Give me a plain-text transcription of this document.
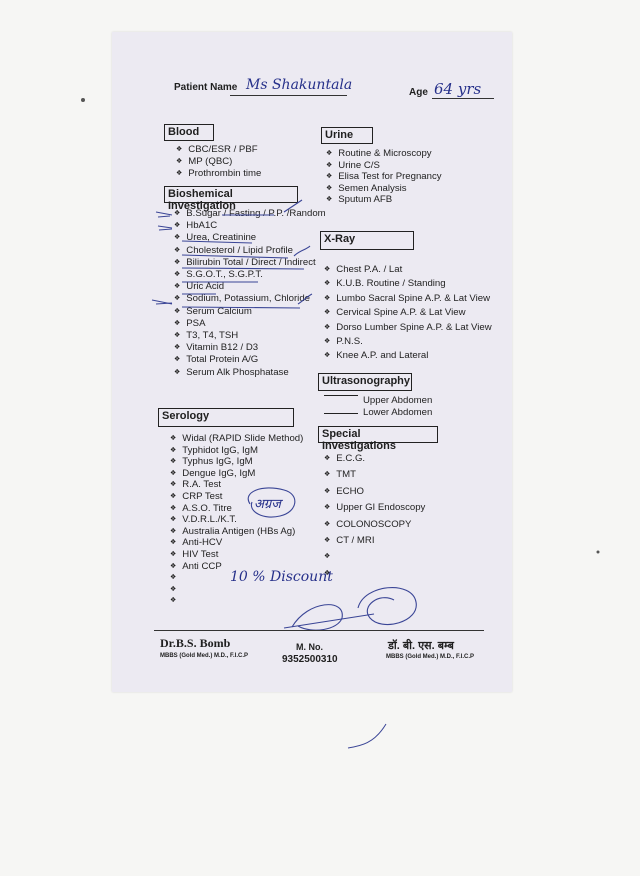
Patient Name Ms Shakuntala	Age 64 yrs
Blood
❖ CBC/ESR / PBF
❖ MP (QBC)
❖ Prothrombin time
Bioshemical Investigation
❖ B.Sugar / Fasting / P.P. /Random
❖ HbA1C
❖ Urea, Creatinine
❖ Cholesterol / Lipid Profile
❖ Bilirubin Total / Direct / Indirect
❖ S.G.O.T., S.G.P.T.
❖ Uric Acid
❖ Sodium, Potassium, Chloride
❖ Serum Calcium
❖ PSA
❖ T3, T4, TSH
❖ Vitamin B12 / D3
❖ Total Protein A/G
❖ Serum Alk Phosphatase
Serology
❖ Widal (RAPID Slide Method)
❖ Typhidot IgG, IgM
❖ Typhus IgG, IgM
❖ Dengue IgG, IgM
❖ R.A. Test
❖ CRP Test
❖ A.S.O. Titre
❖ V.D.R.L./K.T.
❖ Australia Antigen (HBs Ag)
❖ Anti-HCV
❖ HIV Test
❖ Anti CCP
❖
❖
❖
Urine
❖ Routine & Microscopy
❖ Urine C/S
❖ Elisa Test for Pregnancy
❖ Semen Analysis
❖ Sputum AFB
X-Ray
❖ Chest P.A. / Lat
❖ K.U.B. Routine / Standing
❖ Lumbo Sacral Spine A.P. & Lat View
❖ Cervical Spine A.P. & Lat View
❖ Dorso Lumber Spine A.P. & Lat View
❖ P.N.S.
❖ Knee A.P. and Lateral
Ultrasonography
Upper Abdomen
Lower Abdomen
Special Investigations
❖ E.C.G.
❖ TMT
❖ ECHO
❖ Upper GI Endoscopy
❖ COLONOSCOPY
❖ CT / MRI
❖
❖
10 % Discount
अग्रज
Dr.B.S. Bomb
MBBS (Gold Med.) M.D., F.I.C.P
M. No.
9352500310
डॉ. बी. एस. बम्ब
MBBS (Gold Med.) M.D., F.I.C.P
